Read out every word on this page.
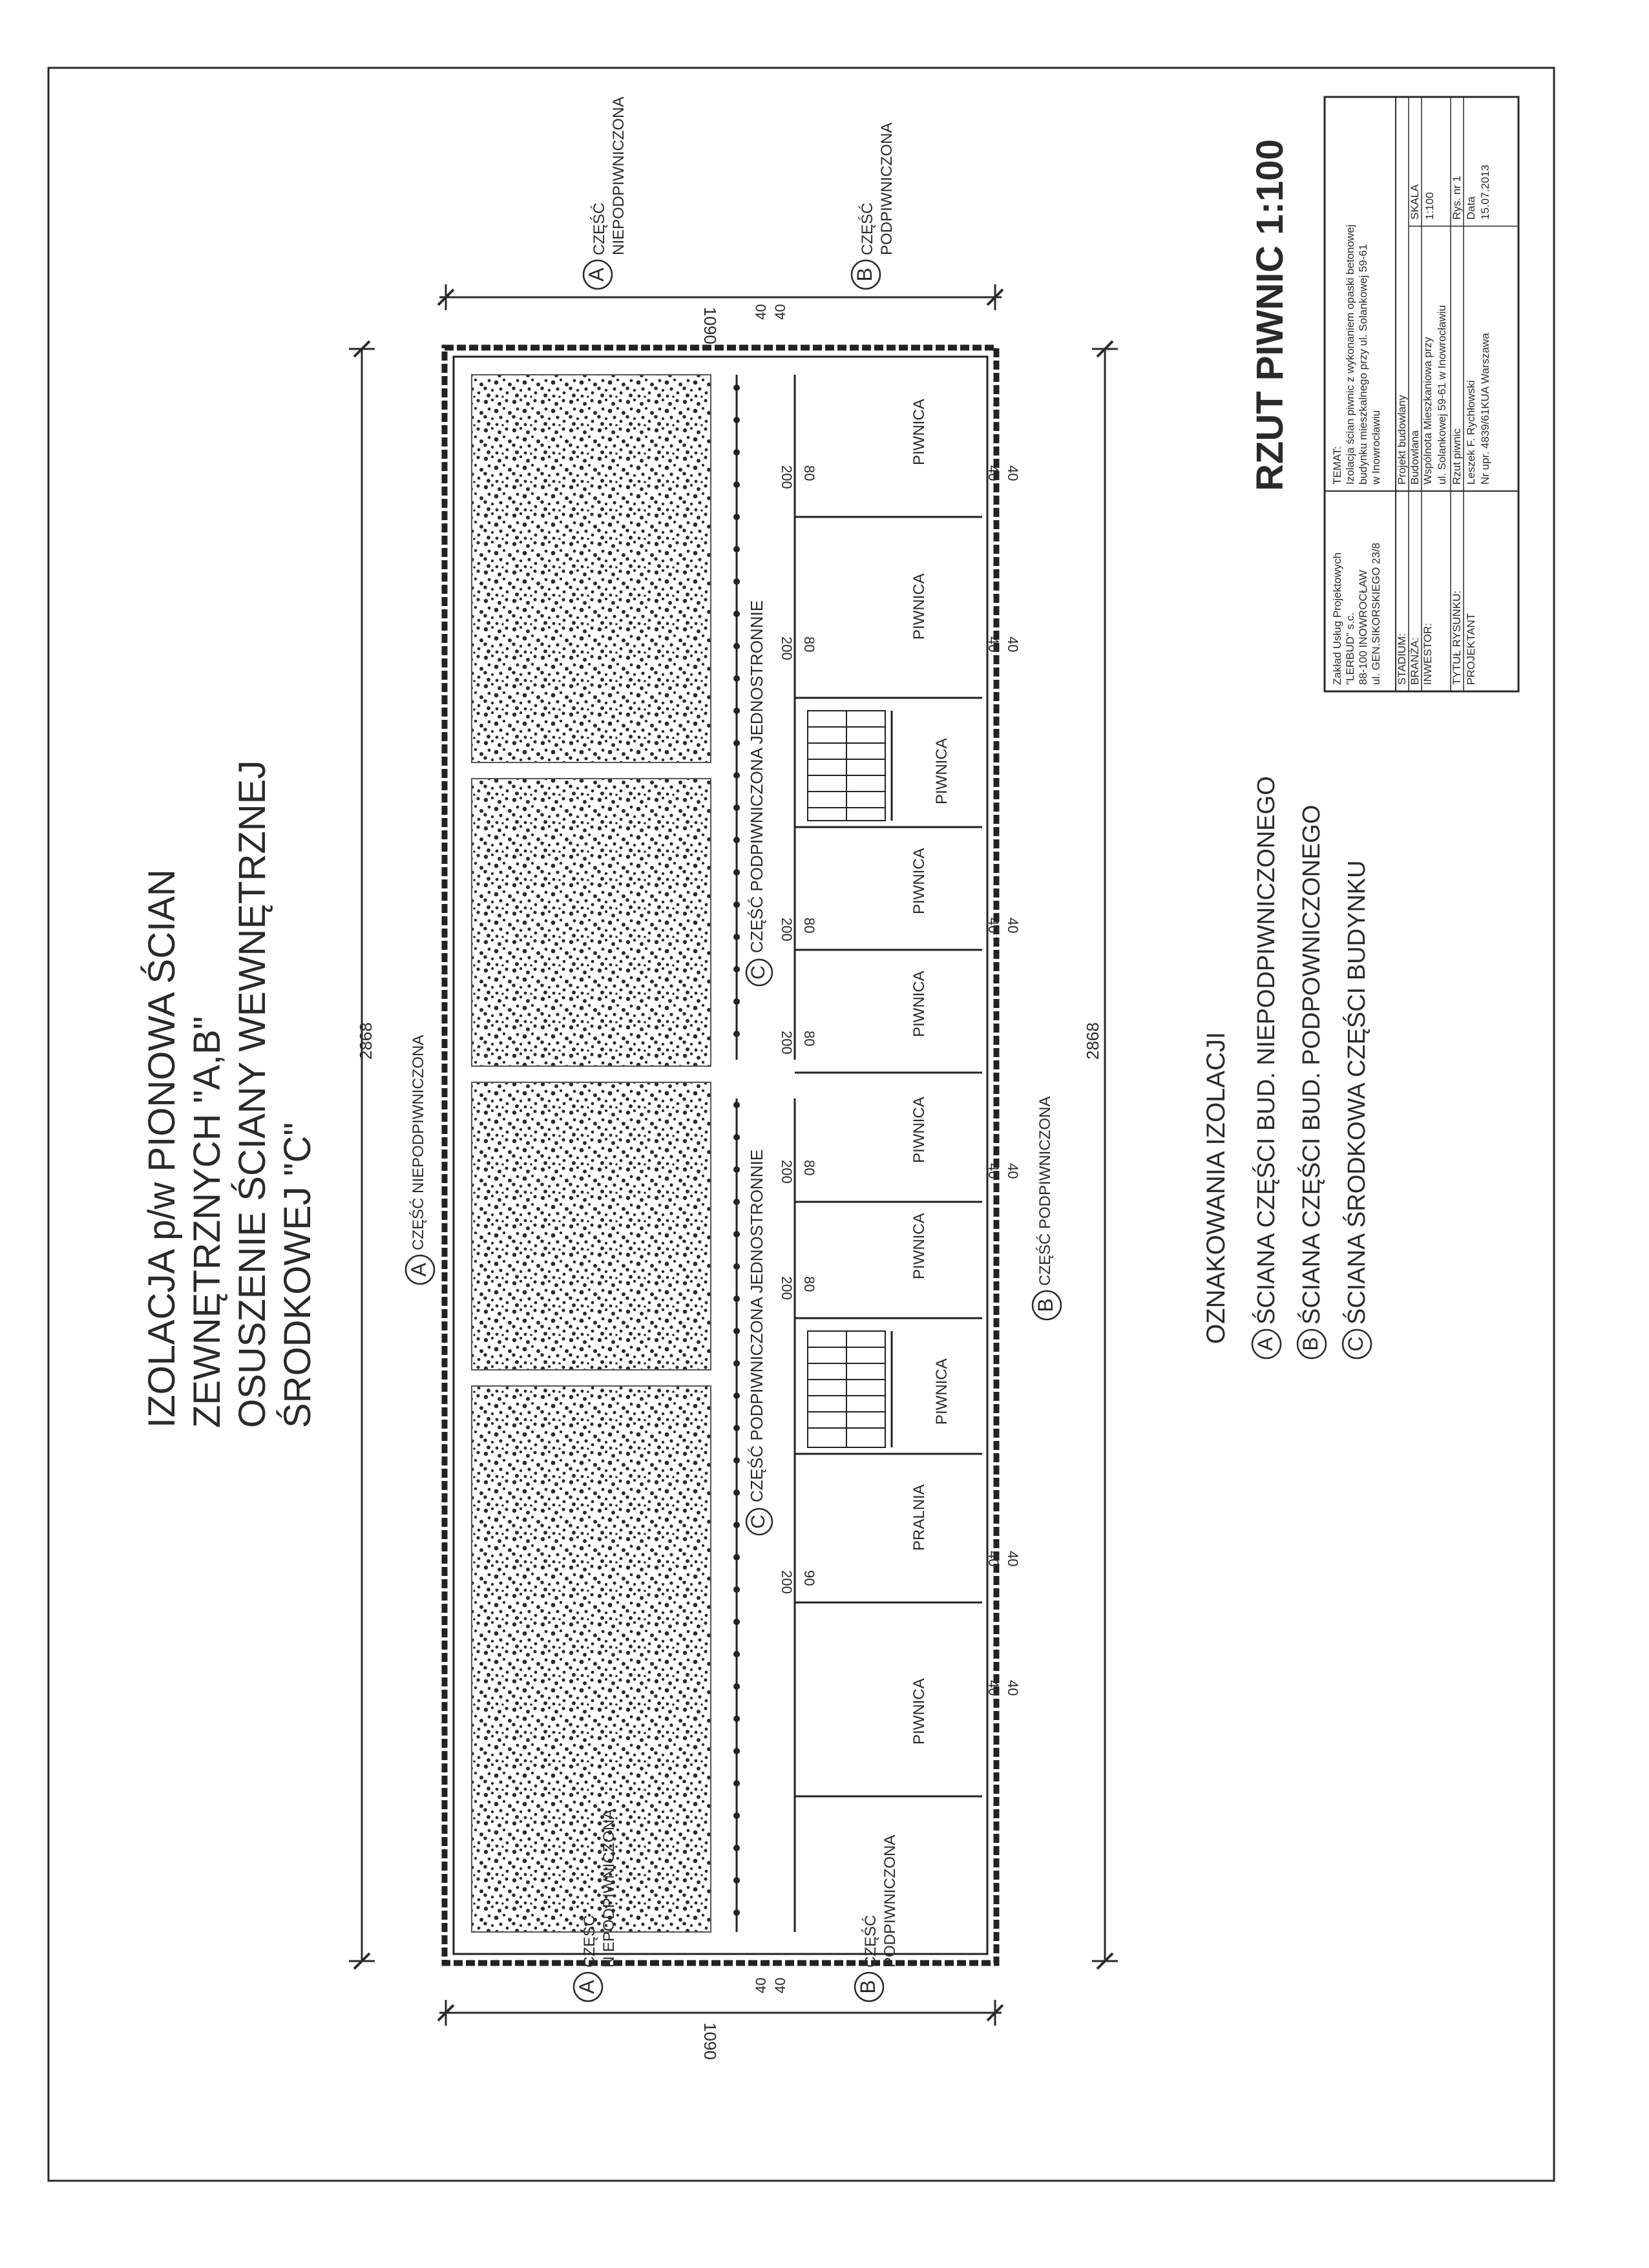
IZOLACJA p/w PIONOWA ŚCIAN ZEWNĘTRZNYCH "A,B" OSUSZENIE ŚCIANY WEWNĘTRZNEJ ŚRODKOWEJ "C"
2868	2868
1090
1090
PIWNICA
PIWNICA
PIWNICA
PIWNICA
PIWNICA
PIWNICA
PIWNICA
PIWNICA
PRALNIA
PIWNICA
80
200
80
200
80
200
80
200
80
200
80
200
90
200
40
40
40
40
40
40
40
40
40
40
40
40
40 40
40 40
C
CZĘŚĆ PODPIWNICZONA JEDNOSTRONNIE
C
CZĘŚĆ PODPIWNICZONA JEDNOSTRONNIE
A
CZĘŚĆ NIEPODPIWNICZONA
B
CZĘŚĆ PODPIWNICZONA
A
CZĘŚĆ NIEPODPIWNICZONA
B
CZĘŚĆ PODPIWNICZONA
A
CZĘŚĆ NIEPODPIWNICZONA
B
CZĘŚĆ PODPIWNICZONA
OZNAKOWANIA IZOLACJI A
ŚCIANA CZĘŚCI BUD. NIEPODPIWNICZONEGO
B
ŚCIANA CZĘŚCI BUD. PODPOWNICZONEGO
C
ŚCIANA ŚRODKOWA CZĘŚCI BUDYNKU
RZUT PIWNIC 1:100
Zakład Usług Projektowych "LERBUD" s.c. 88-100 INOWROCŁAW ul. GEN.SIKORSKIEGO 23/8
TEMAT: Izolacja ścian piwnic z wykonaniem opaski betonowej budynku mieszkalnego przy ul. Solankowej 59-61 w Inowrocławiu
STADIUM:
Projekt budowlany
BRANŻA:
Budowlana
SKALA 1:100
INWESTOR:
Wspólnota Mieszkaniowa przy ul. Solankowej 59-61 w Inowrocławiu
TYTUŁ RYSUNKU:
Rzut piwnic
Rys. nr 1
PROJEKTANT
Leszek F. Rychłowski Nr upr. 4839/61KUA Warszawa
Data 15.07.2013
